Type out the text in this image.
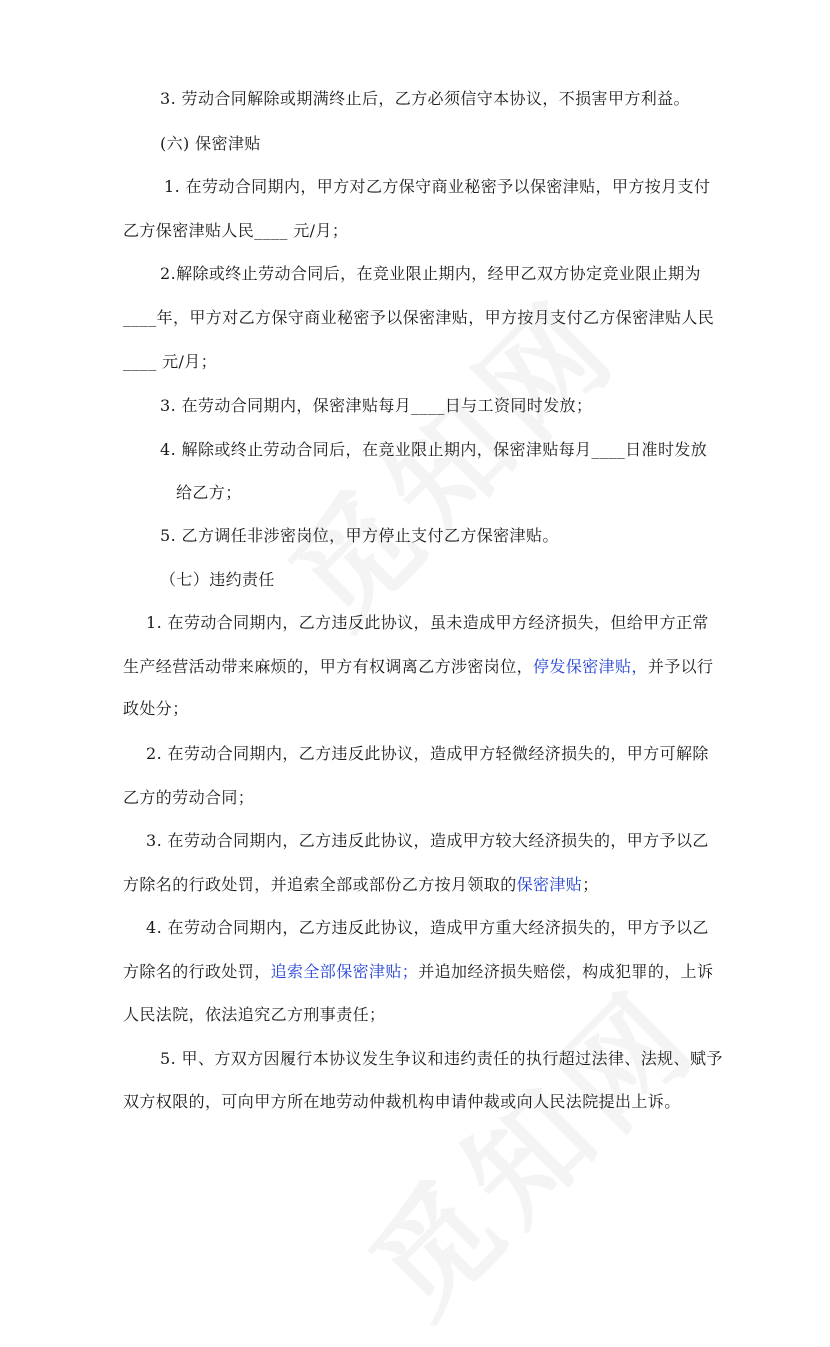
3. 劳动合同解除或期满终止后，乙方必须信守本协议，不损害甲方利益。
(六) 保密津贴
1. 在劳动合同期内，甲方对乙方保守商业秘密予以保密津贴，甲方按月支付
乙方保密津贴人民____ 元/月；
2.解除或终止劳动合同后，在竞业限止期内，经甲乙双方协定竞业限止期为
____年，甲方对乙方保守商业秘密予以保密津贴，甲方按月支付乙方保密津贴人民
____ 元/月；
3. 在劳动合同期内，保密津贴每月____日与工资同时发放；
4. 解除或终止劳动合同后，在竞业限止期内，保密津贴每月____日准时发放
给乙方；
5. 乙方调任非涉密岗位，甲方停止支付乙方保密津贴。
（七）违约责任
1. 在劳动合同期内，乙方违反此协议，虽未造成甲方经济损失，但给甲方正常
生产经营活动带来麻烦的，甲方有权调离乙方涉密岗位，停发保密津贴，并予以行
政处分；
2. 在劳动合同期内，乙方违反此协议，造成甲方轻微经济损失的，甲方可解除
乙方的劳动合同；
3. 在劳动合同期内，乙方违反此协议，造成甲方较大经济损失的，甲方予以乙
方除名的行政处罚，并追索全部或部份乙方按月领取的保密津贴；
4. 在劳动合同期内，乙方违反此协议，造成甲方重大经济损失的，甲方予以乙
方除名的行政处罚，追索全部保密津贴；并追加经济损失赔偿，构成犯罪的，上诉
人民法院，依法追究乙方刑事责任；
5. 甲、方双方因履行本协议发生争议和违约责任的执行超过法律、法规、赋予
双方权限的，可向甲方所在地劳动仲裁机构申请仲裁或向人民法院提出上诉。
